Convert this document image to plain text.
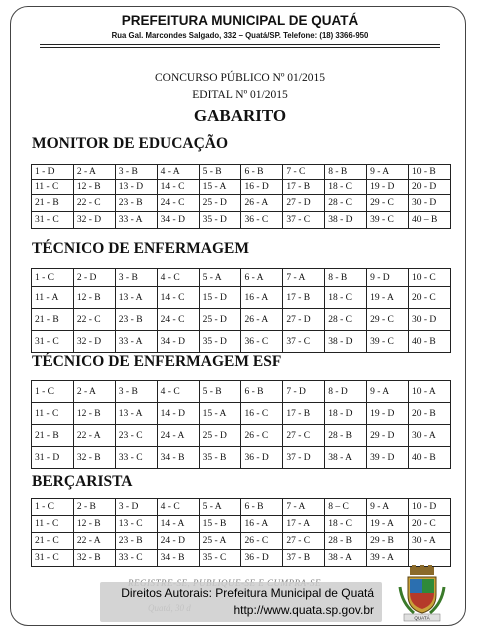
PREFEITURA MUNICIPAL DE QUATÁ
Rua Gal. Marcondes Salgado, 332 – Quatá/SP. Telefone: (18) 3366-950
CONCURSO PÚBLICO Nº 01/2015
EDITAL Nº 01/2015
GABARITO
MONITOR DE EDUCAÇÃO
1 - D	2 - A	3 - B	4 - A	5 - B	6 - B	7 - C	8 - B	9 - A	10 - B
11 - C	12 - B	13 - D	14 - C	15 - A	16 - D	17 - B	18 - C	19 - D	20 - D
21 - B	22 - C	23 - B	24 - C	25 - D	26 - A	27 - D	28 - C	29 - C	30 - D
31 - C	32 - D	33 - A	34 - D	35 - D	36 - C	37 - C	38 - D	39 - C	40 – B
TÉCNICO DE ENFERMAGEM
1 - C	2 - D	3 - B	4 - C	5 - A	6 - A	7 - A	8 - B	9 - D	10 - C
11 - A	12 - B	13 - A	14 - C	15 - D	16 - A	17 - B	18 - C	19 - A	20 - C
21 - B	22 - C	23 - B	24 - C	25 - D	26 - A	27 - D	28 - C	29 - C	30 - D
31 - C	32 - D	33 - A	34 - D	35 - D	36 - C	37 - C	38 - D	39 - C	40 - B
TÉCNICO DE ENFERMAGEM ESF
1 - C	2 - A	3 - B	4 - C	5 - B	6 - B	7 - D	8 - D	9 - A	10 - A
11 - C	12 - B	13 - A	14 - D	15 - A	16 - C	17 - B	18 - D	19 - D	20 - B
21 - B	22 - A	23 - C	24 - A	25 - D	26 - C	27 - C	28 - B	29 - D	30 - A
31 - D	32 - B	33 - C	34 - B	35 - B	36 - D	37 - D	38 - A	39 - D	40 - B
BERÇARISTA
1 - C	2 - B	3 - D	4 - C	5 - A	6 - B	7 - A	8 – C	9 - A	10 - D
11 - C	12 - B	13 - C	14 - A	15 - B	16 - A	17 - A	18 - C	19 - A	20 - C
21 - C	22 - A	23 - B	24 - D	25 - A	26 - C	27 - C	28 - B	29 - B	30 - A
31 - C	32 - B	33 - C	34 - B	35 - C	36 - D	37 - B	38 - A	39 - A	
Direitos Autorais: Prefeitura Municipal de Quatá
http://www.quata.sp.gov.br
QUATÁ
